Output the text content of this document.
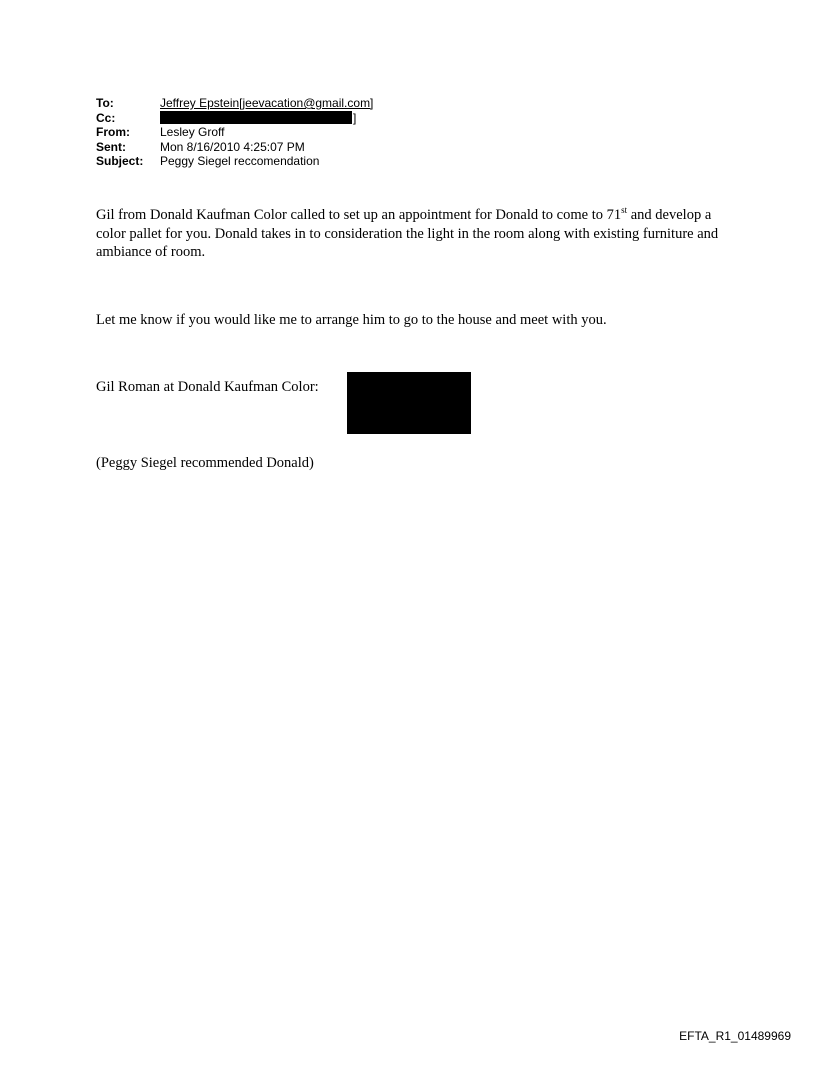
To:	Jeffrey Epstein[jeevacation@gmail.com]
Cc:	]
From:	Lesley Groff
Sent:	Mon 8/16/2010 4:25:07 PM
Subject:	Peggy Siegel reccomendation
Gil from Donald Kaufman Color called to set up an appointment for Donald to come to 71st and develop a color pallet for you. Donald takes in to consideration the light in the room along with existing furniture and ambiance of room.
Let me know if you would like me to arrange him to go to the house and meet with you.
Gil Roman at Donald Kaufman Color:
(Peggy Siegel recommended Donald)
EFTA_R1_01489969
